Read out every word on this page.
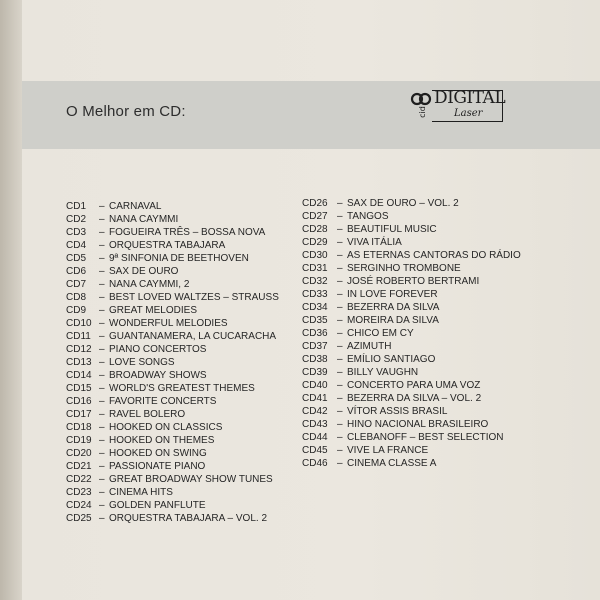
O Melhor em CD:	cid
DIGITAL
Laser
CD1	– CARNAVAL
CD2	– NANA CAYMMI
CD3	– FOGUEIRA TRÊS – BOSSA NOVA
CD4	– ORQUESTRA TABAJARA
CD5	– 9ª SINFONIA DE BEETHOVEN
CD6	– SAX DE OURO
CD7	– NANA CAYMMI, 2
CD8	– BEST LOVED WALTZES – STRAUSS
CD9	– GREAT MELODIES
CD10 – WONDERFUL MELODIES
CD11 – GUANTANAMERA, LA CUCARACHA
CD12 – PIANO CONCERTOS
CD13 – LOVE SONGS
CD14 – BROADWAY SHOWS
CD15 – WORLD'S GREATEST THEMES
CD16 – FAVORITE CONCERTS
CD17 – RAVEL BOLERO
CD18 – HOOKED ON CLASSICS
CD19 – HOOKED ON THEMES
CD20 – HOOKED ON SWING
CD21 – PASSIONATE PIANO
CD22 – GREAT BROADWAY SHOW TUNES
CD23 – CINEMA HITS
CD24 – GOLDEN PANFLUTE
CD25 – ORQUESTRA TABAJARA – VOL. 2
CD26 – SAX DE OURO – VOL. 2
CD27 – TANGOS
CD28 – BEAUTIFUL MUSIC
CD29 – VIVA ITÁLIA
CD30 – AS ETERNAS CANTORAS DO RÁDIO
CD31 – SERGINHO TROMBONE
CD32 – JOSÉ ROBERTO BERTRAMI
CD33 – IN LOVE FOREVER
CD34 – BEZERRA DA SILVA
CD35 – MOREIRA DA SILVA
CD36 – CHICO EM CY
CD37 – AZIMUTH
CD38 – EMÍLIO SANTIAGO
CD39 – BILLY VAUGHN
CD40 – CONCERTO PARA UMA VOZ
CD41 – BEZERRA DA SILVA – VOL. 2
CD42 – VÍTOR ASSIS BRASIL
CD43 – HINO NACIONAL BRASILEIRO
CD44 – CLEBANOFF – BEST SELECTION
CD45 – VIVE LA FRANCE
CD46 – CINEMA CLASSE A
